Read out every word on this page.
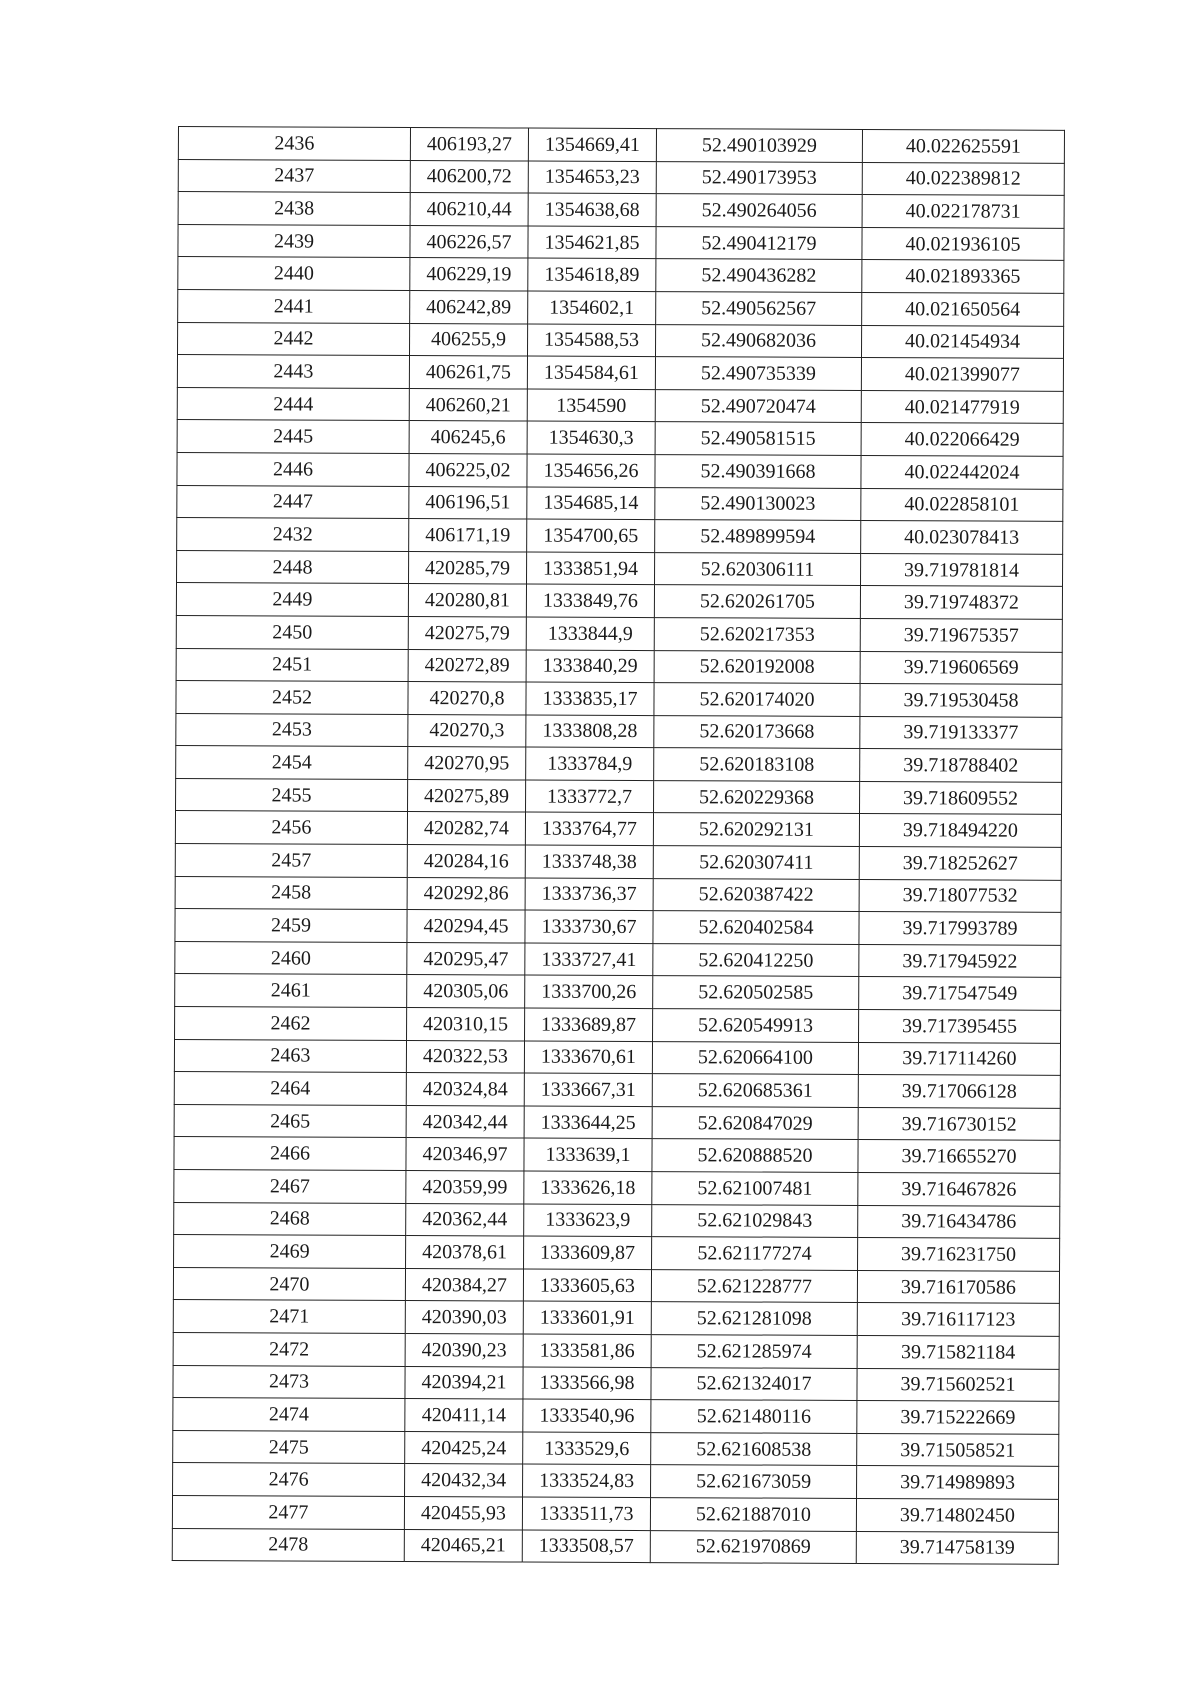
2436	406193,27	1354669,41	52.490103929	40.022625591
2437	406200,72	1354653,23	52.490173953	40.022389812
2438	406210,44	1354638,68	52.490264056	40.022178731
2439	406226,57	1354621,85	52.490412179	40.021936105
2440	406229,19	1354618,89	52.490436282	40.021893365
2441	406242,89	1354602,1	52.490562567	40.021650564
2442	406255,9	1354588,53	52.490682036	40.021454934
2443	406261,75	1354584,61	52.490735339	40.021399077
2444	406260,21	1354590	52.490720474	40.021477919
2445	406245,6	1354630,3	52.490581515	40.022066429
2446	406225,02	1354656,26	52.490391668	40.022442024
2447	406196,51	1354685,14	52.490130023	40.022858101
2432	406171,19	1354700,65	52.489899594	40.023078413
2448	420285,79	1333851,94	52.620306111	39.719781814
2449	420280,81	1333849,76	52.620261705	39.719748372
2450	420275,79	1333844,9	52.620217353	39.719675357
2451	420272,89	1333840,29	52.620192008	39.719606569
2452	420270,8	1333835,17	52.620174020	39.719530458
2453	420270,3	1333808,28	52.620173668	39.719133377
2454	420270,95	1333784,9	52.620183108	39.718788402
2455	420275,89	1333772,7	52.620229368	39.718609552
2456	420282,74	1333764,77	52.620292131	39.718494220
2457	420284,16	1333748,38	52.620307411	39.718252627
2458	420292,86	1333736,37	52.620387422	39.718077532
2459	420294,45	1333730,67	52.620402584	39.717993789
2460	420295,47	1333727,41	52.620412250	39.717945922
2461	420305,06	1333700,26	52.620502585	39.717547549
2462	420310,15	1333689,87	52.620549913	39.717395455
2463	420322,53	1333670,61	52.620664100	39.717114260
2464	420324,84	1333667,31	52.620685361	39.717066128
2465	420342,44	1333644,25	52.620847029	39.716730152
2466	420346,97	1333639,1	52.620888520	39.716655270
2467	420359,99	1333626,18	52.621007481	39.716467826
2468	420362,44	1333623,9	52.621029843	39.716434786
2469	420378,61	1333609,87	52.621177274	39.716231750
2470	420384,27	1333605,63	52.621228777	39.716170586
2471	420390,03	1333601,91	52.621281098	39.716117123
2472	420390,23	1333581,86	52.621285974	39.715821184
2473	420394,21	1333566,98	52.621324017	39.715602521
2474	420411,14	1333540,96	52.621480116	39.715222669
2475	420425,24	1333529,6	52.621608538	39.715058521
2476	420432,34	1333524,83	52.621673059	39.714989893
2477	420455,93	1333511,73	52.621887010	39.714802450
2478	420465,21	1333508,57	52.621970869	39.714758139
